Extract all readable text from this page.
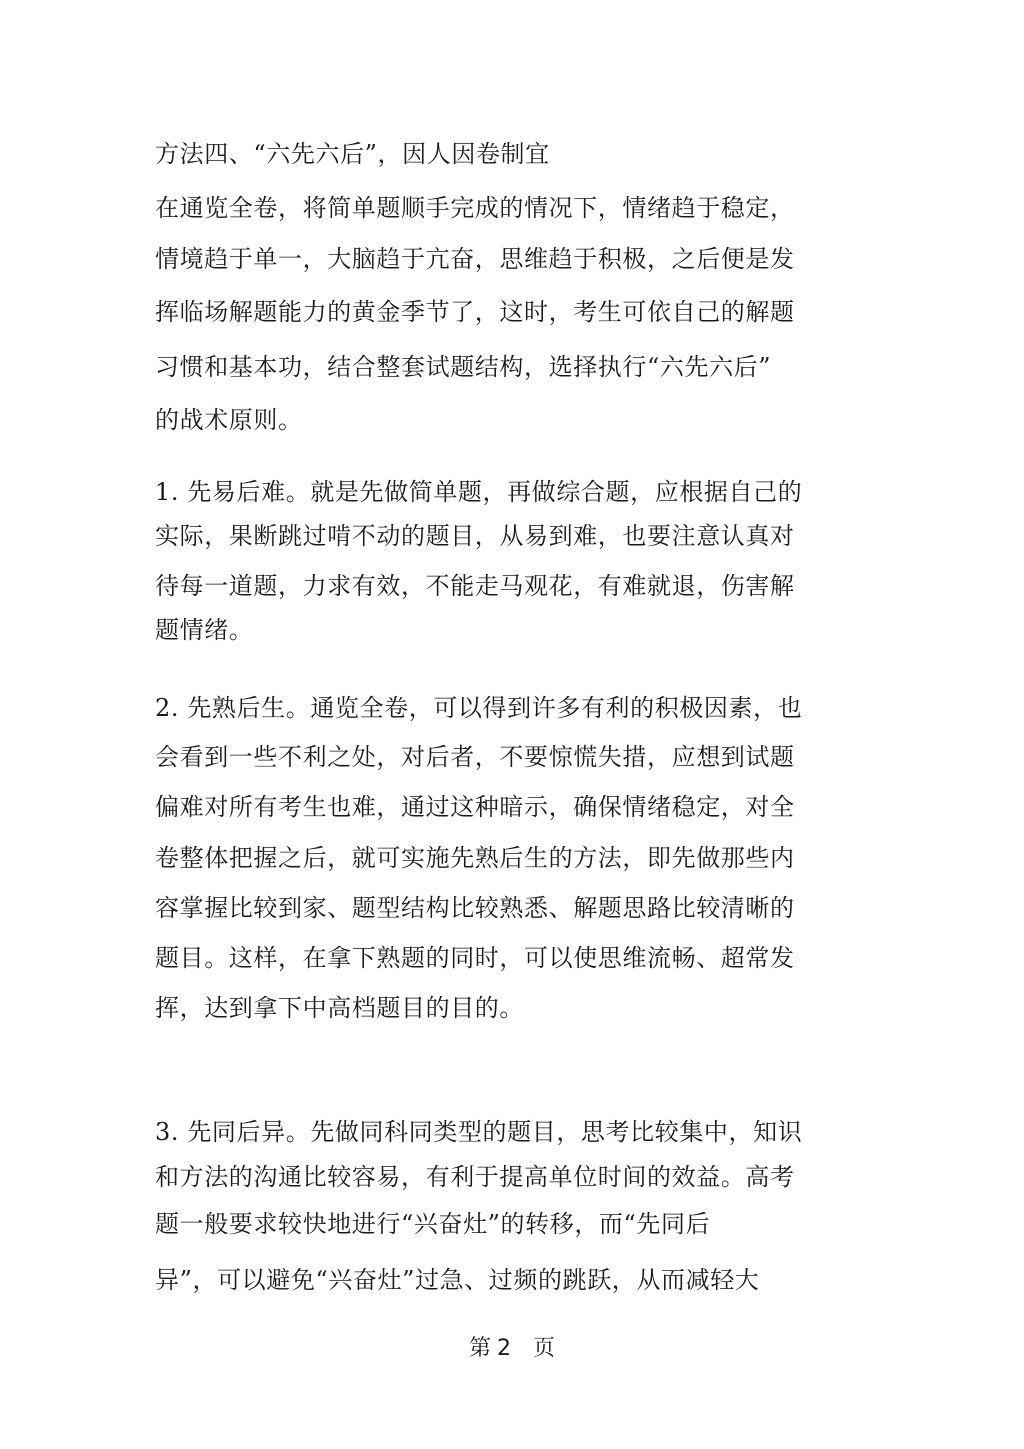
方法四、“六先六后”，因人因卷制宜
在通览全卷，将简单题顺手完成的情况下，情绪趋于稳定，
情境趋于单一，大脑趋于亢奋，思维趋于积极，之后便是发
挥临场解题能力的黄金季节了，这时，考生可依自己的解题
习惯和基本功，结合整套试题结构，选择执行“六先六后”
的战术原则。
1. 先易后难。就是先做简单题，再做综合题，应根据自己的
实际，果断跳过啃不动的题目，从易到难，也要注意认真对
待每一道题，力求有效，不能走马观花，有难就退，伤害解
题情绪。
2. 先熟后生。通览全卷，可以得到许多有利的积极因素，也
会看到一些不利之处，对后者，不要惊慌失措，应想到试题
偏难对所有考生也难，通过这种暗示，确保情绪稳定，对全
卷整体把握之后，就可实施先熟后生的方法，即先做那些内
容掌握比较到家、题型结构比较熟悉、解题思路比较清晰的
题目。这样，在拿下熟题的同时，可以使思维流畅、超常发
挥，达到拿下中高档题目的目的。
3. 先同后异。先做同科同类型的题目，思考比较集中，知识
和方法的沟通比较容易，有利于提高单位时间的效益。高考
题一般要求较快地进行“兴奋灶”的转移，而“先同后
异”，可以避免“兴奋灶”过急、过频的跳跃，从而减轻大
第 2 页
